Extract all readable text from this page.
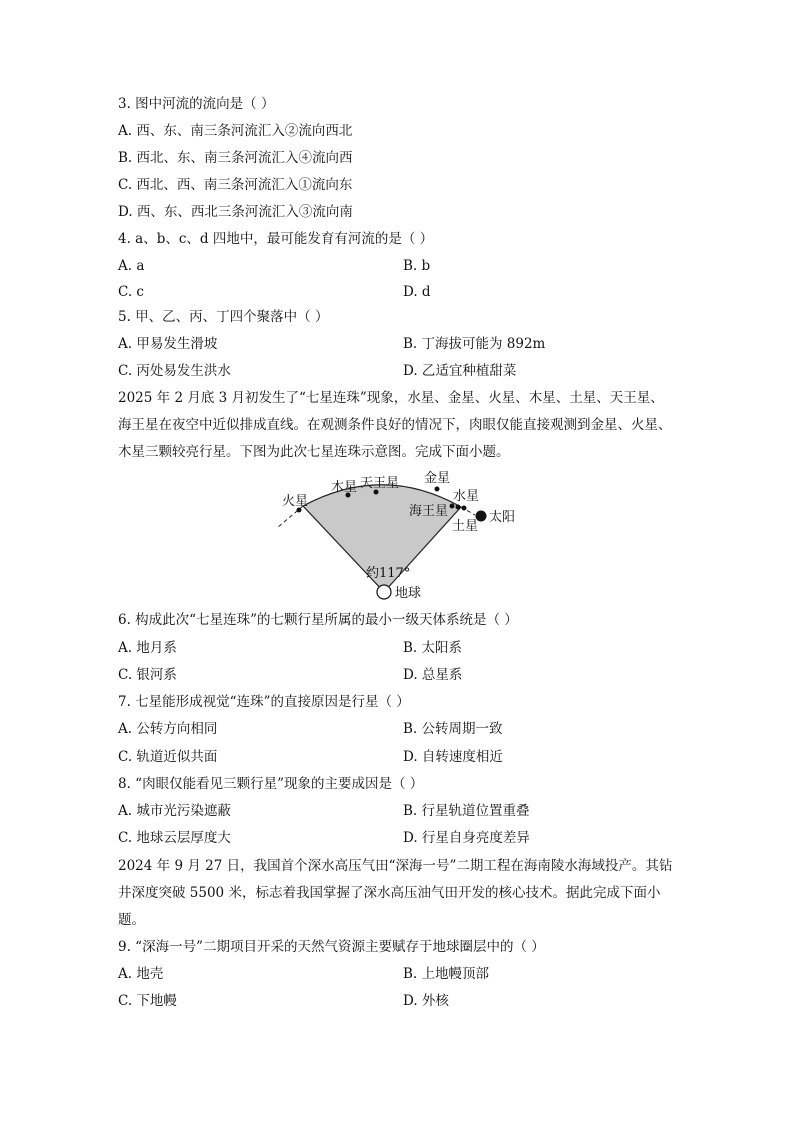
3. 图中河流的流向是（ ）
A. 西、东、南三条河流汇入②流向西北
B. 西北、东、南三条河流汇入④流向西
C. 西北、西、南三条河流汇入①流向东
D. 西、东、西北三条河流汇入③流向南
4. a、b、c、d 四地中，最可能发育有河流的是（ ）
A. a	B. b
C. c	D. d
5. 甲、乙、丙、丁四个聚落中（ ）
A. 甲易发生滑坡	B. 丁海拔可能为 892m
C. 丙处易发生洪水	D. 乙适宜种植甜菜
2025 年 2 月底 3 月初发生了“七星连珠”现象，水星、金星、火星、木星、土星、天王星、
海王星在夜空中近似排成直线。在观测条件良好的情况下，肉眼仅能直接观测到金星、火星、
木星三颗较亮行星。下图为此次七星连珠示意图。完成下面小题。
火星
木星 天王星 金星
水星
海王星
土星
太阳
约117°
地球
6. 构成此次“七星连珠”的七颗行星所属的最小一级天体系统是（ ）
A. 地月系	B. 太阳系
C. 银河系	D. 总星系
7. 七星能形成视觉“连珠”的直接原因是行星（ ）
A. 公转方向相同	B. 公转周期一致
C. 轨道近似共面	D. 自转速度相近
8. “肉眼仅能看见三颗行星”现象的主要成因是（ ）
A. 城市光污染遮蔽	B. 行星轨道位置重叠
C. 地球云层厚度大	D. 行星自身亮度差异
2024 年 9 月 27 日，我国首个深水高压气田“深海一号”二期工程在海南陵水海域投产。其钻
井深度突破 5500 米，标志着我国掌握了深水高压油气田开发的核心技术。据此完成下面小
题。
9. “深海一号”二期项目开采的天然气资源主要赋存于地球圈层中的（ ）
A. 地壳	B. 上地幔顶部
C. 下地幔	D. 外核
